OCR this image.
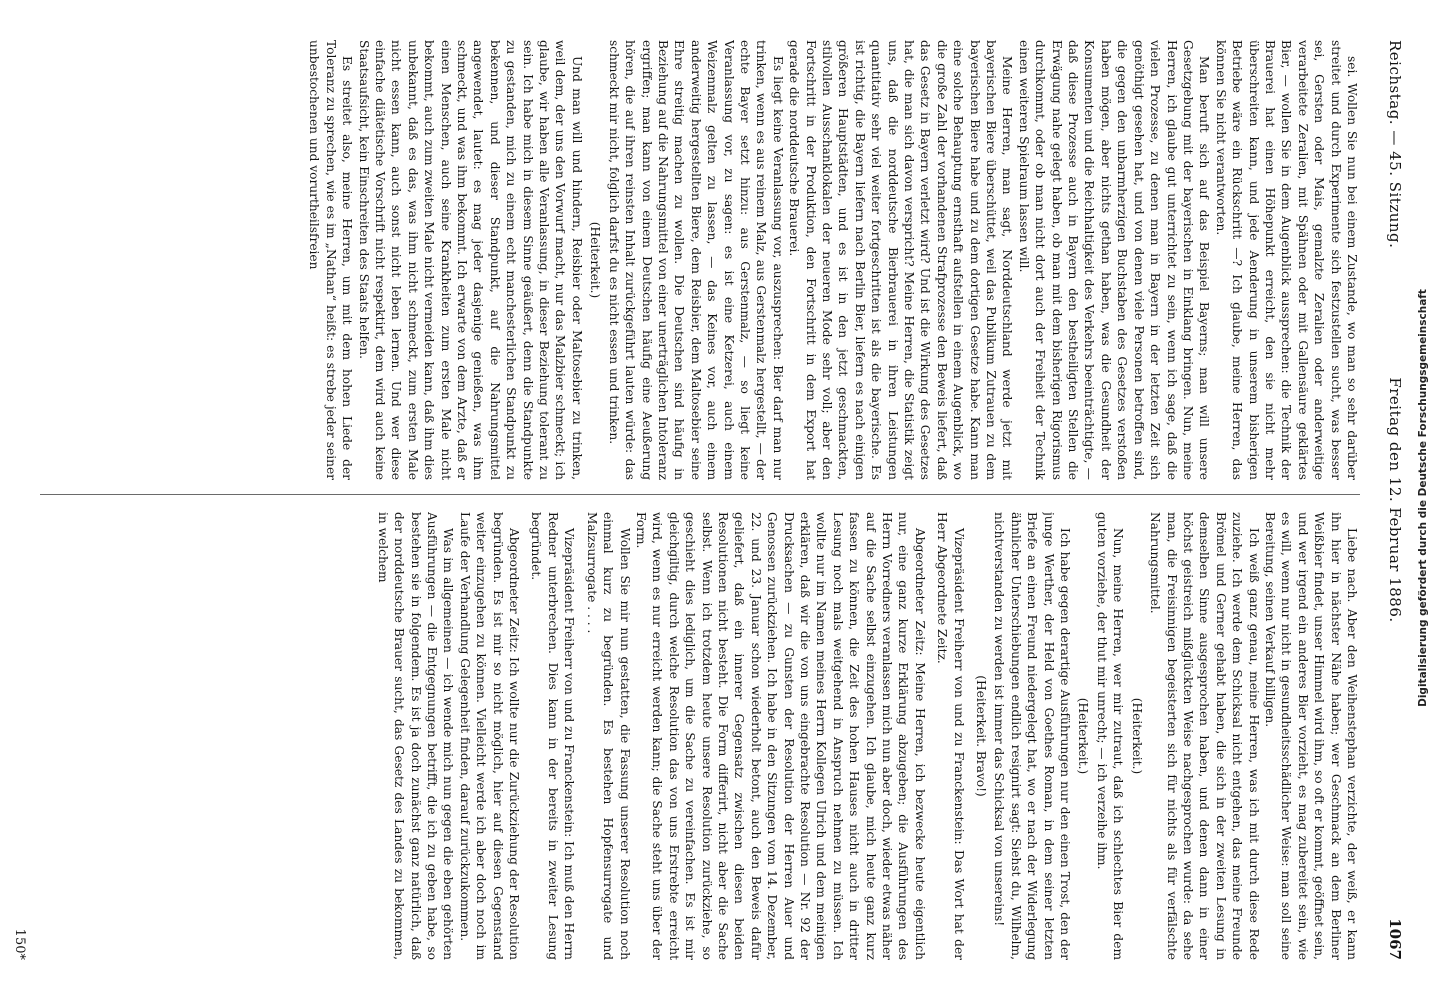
Reichstag. — 45. Sitzung.
Freitag den 12. Februar 1886.
1067

sei. Wollen Sie nun bei einem Zustande, wo man so sehr darüber streitet und durch Experimente sich festzustellen sucht, was besser sei, Gersten oder Mais, gemalzte Zeralien oder anderweitige verarbeitete Zeralien, mit Spähnen oder mit Gallensäure geklärtes Bier, — wollen Sie in dem Augenblick aussprechen: die Technik der Brauerei hat einen Höhepunkt erreicht, den sie nicht mehr überschreiten kann, und jede Aenderung in unserem bisherigen Betriebe wäre ein Rückschritt —? Ich glaube, meine Herren, das können Sie nicht verantworten.

Man beruft sich auf das Beispiel Bayerns; man will unsere Gesetzgebung mit der bayerischen in Einklang bringen. Nun, meine Herren, ich glaube gut unterrichtet zu sein, wenn ich sage, daß die vielen Prozesse, zu denen man in Bayern in der letzten Zeit sich genöthigt gesehen hat, und von denen viele Personen betroffen sind, die gegen den unbarmherzigen Buchstaben des Gesetzes verstoßen haben mögen, aber nichts gethan haben, was die Gesundheit der Konsumenten und die Reichhaltigkeit des Verkehrs beeinträchtigte, — daß diese Prozesse auch in Bayern den bestheiligten Stellen die Erwägung nahe gelegt haben, ob man mit dem bisherigen Rigorismus durchkommt, oder ob man nicht dort auch der Freiheit der Technik einen weiteren Spielraum lassen will.

Meine Herren, man sagt, Norddeutschland werde jetzt mit bayerischen Biere überschüttet, weil das Publikum Zutrauen zu dem bayerischen Biere habe und zu dem dortigen Gesetze habe. Kann man eine solche Behauptung ernsthaft aufstellen in einem Augenblick, wo die große Zahl der vorhandenen Strafprozesse den Beweis liefert, daß das Gesetz in Bayern verletzt wird? Und ist die Wirkung des Gesetzes hat, die man sich davon verspricht? Meine Herren, die Statistik zeigt uns, daß die norddeutsche Bierbrauerei in ihren Leistungen quantitativ sehr viel weiter fortgeschritten ist als die bayerische. Es ist richtig, die Bayern liefern nach Berlin Bier, liefern es nach einigen größeren Hauptstädten, und es ist in den jetzt geschmackten, stilvollen Ausschanklokalen der neueren Mode sehr voll; aber den Fortschritt in der Produktion, den Fortschritt in dem Export hat gerade die norddeutsche Brauerei.

Es liegt keine Veranlassung vor, auszusprechen: Bier darf man nur trinken, wenn es aus reinem Malz, aus Gerstenmalz hergestellt, — der echte Bayer setzt hinzu: aus Gerstenmalz, — so liegt keine Veranlassung vor, zu sagen: es ist eine Ketzerei, auch einem Weizenmalz gelten zu lassen, — das Keines vor, auch einem anderweitig hergestellten Biere, dem Reisbier, dem Maltosebier seine Ehre streitig machen zu wollen. Die Deutschen sind häufig in Beziehung auf die Nahrungsmittel von einer unerträglichen Intoleranz ergriffen; man kann von einem Deutschen häufig eine Aeußerung hören, die auf ihren reinsten Inhalt zurückgeführt lauten würde: das schmeckt mir nicht, folglich darfst du es nicht essen und trinken.

(Heiterkeit.)

Und man will und hindern, Reisbier oder Maltosebier zu trinken, weil dem, der uns den Vorwurf macht, nur das Malzbier schmeckt; ich glaube, wir haben alle Veranlassung, in dieser Beziehung tolerant zu sein. Ich habe mich in diesem Sinne geäußert, denn die Standpunkte zu gestanden, mich zu einem echt manchesterlichen Standpunkt zu bekennen, und dieser Standpunkt, auf die Nahrungsmittel angewendet, lautet: es mag jeder dasjenige genießen, was ihm schmeckt, und was ihm bekommt. Ich erwarte von dem Arzte, daß er einen Menschen, auch seine Krankheiten zum ersten Male nicht bekommt, auch zum zweiten Male nicht vermeiden kann, daß ihm dies unbekannt, daß es das, was ihm nicht schmeckt, zum ersten Male nicht essen kann, auch sonst nicht leben lernen. Und wer diese einfache diätetische Vorschrift nicht respektirt, dem wird auch keine Staatsaufsicht, kein Einschreiten des Staats helfen.

Es streitet also, meine Herren, um mit dem hohen Liede der Toleranz zu sprechen, wie es im „Nathan“ heißt: es strebe jeder seiner unbestochenen und vorurtheilsfreien

Liebe nach. Aber den Weihenstephan verzichte, der weiß, er kann ihn hier in nächster Nähe haben; wer Geschmack an dem Berliner Weißbier findet, unser Himmel wird ihm, so oft er kommt, geöffnet sein, und wer irgend ein anderes Bier vorzieht, es mag zubereitet sein, wie es will, wenn nur nicht in gesundheitsschädlicher Weise: man soll seine Bereitung, seinen Verkauf billigen.

Ich weiß ganz genau, meine Herren, was ich mit durch diese Rede zuziehe. Ich werde dem Schicksal nicht entgehen, das meine Freunde Brömel und Gerner gehabt haben, die sich in der zweiten Lesung in demselben Sinne ausgesprochen haben, und denen dann in einer höchst geistreich mißglückten Weise nachgesprochen wurde: da sehe man, die Freisinnigen begeisterten sich für nichts als für verfälschte Nahrungsmittel.

(Heiterkeit.)

Nun, meine Herren, wer mir zutraut, daß ich schlechtes Bier dem guten vorziehe, der thut mir unrecht; — ich verzeihe ihm.

(Heiterkeit.)

Ich habe gegen derartige Ausführungen nur den einen Trost, den der junge Werther, der Held von Goethes Roman, in dem seiner letzten Briefe an einen Freund niedergelegt hat, wo er nach der Widerlegung ähnlicher Unterschiebungen endlich resignirt sagt: Siehst du, Wilhelm, nichtverstanden zu werden ist immer das Schicksal von unsereins!

(Heiterkeit. Bravo!)

Vizepräsident Freiherr von und zu Franckenstein: Das Wort hat der Herr Abgeordnete Zeitz.

Abgeordneter Zeitz: Meine Herren, ich bezwecke heute eigentlich nur, eine ganz kurze Erklärung abzugeben; die Ausführungen des Herrn Vorredners veranlassen mich nun aber doch, wieder etwas näher auf die Sache selbst einzugehen. Ich glaube, mich heute ganz kurz fassen zu können, die Zeit des hohen Hauses nicht auch in dritter Lesung noch mals weitgehend in Anspruch nehmen zu müssen. Ich wollte nur im Namen meines Herrn Kollegen Ulrich und dem meinigen erklären, daß wir die von uns eingebrachte Resolution — Nr. 92 der Drucksachen — zu Gunsten der Resolution der Herren Auer und Genossen zurückziehen. Ich habe in den Sitzungen vom 14. Dezember, 22. und 23. Januar schon wiederholt betont, auch den Beweis dafür geliefert, daß ein innerer Gegensatz zwischen diesen beiden Resolutionen nicht besteht. Die Form differirt, nicht aber die Sache selbst. Wenn ich trotzdem heute unsere Resolution zurückziehe, so geschieht dies lediglich, um die Sache zu vereinfachen. Es ist mir gleichgiltig, durch welche Resolution das von uns Erstrebte erreicht wird, wenn es nur erreicht werden kann; die Sache steht uns über der Form.

Wollen Sie mir nun gestatten, die Fassung unserer Resolution noch einmal kurz zu begründen. Es bestehen Hopfensurrogate und Malzsurrogate . . . .

Vizepräsident Freiherr von und zu Franckenstein: Ich muß den Herrn Redner unterbrechen. Dies kann in der bereits in zweiter Lesung begründet.

Abgeordneter Zeitz: Ich wollte nur die Zurückziehung der Resolution begründen. Es ist mir so nicht möglich, hier auf diesen Gegenstand weiter einzugehen zu können. Vielleicht werde ich aber doch noch im Laufe der Verhandlung Gelegenheit finden, darauf zurückzukommen.

Was im allgemeinen — ich wende mich nun gegen die eben gehörten Ausführungen — die Entgegnungen betrifft, die ich zu geben habe, so bestehen sie in folgendem. Es ist ja doch zunächst ganz natürlich, daß der norddeutsche Brauer sucht, das Gesetz des Landes zu bekommen, in welchem

150*
Digitalisierung gefördert durch die Deutsche Forschungsgemeinschaft
